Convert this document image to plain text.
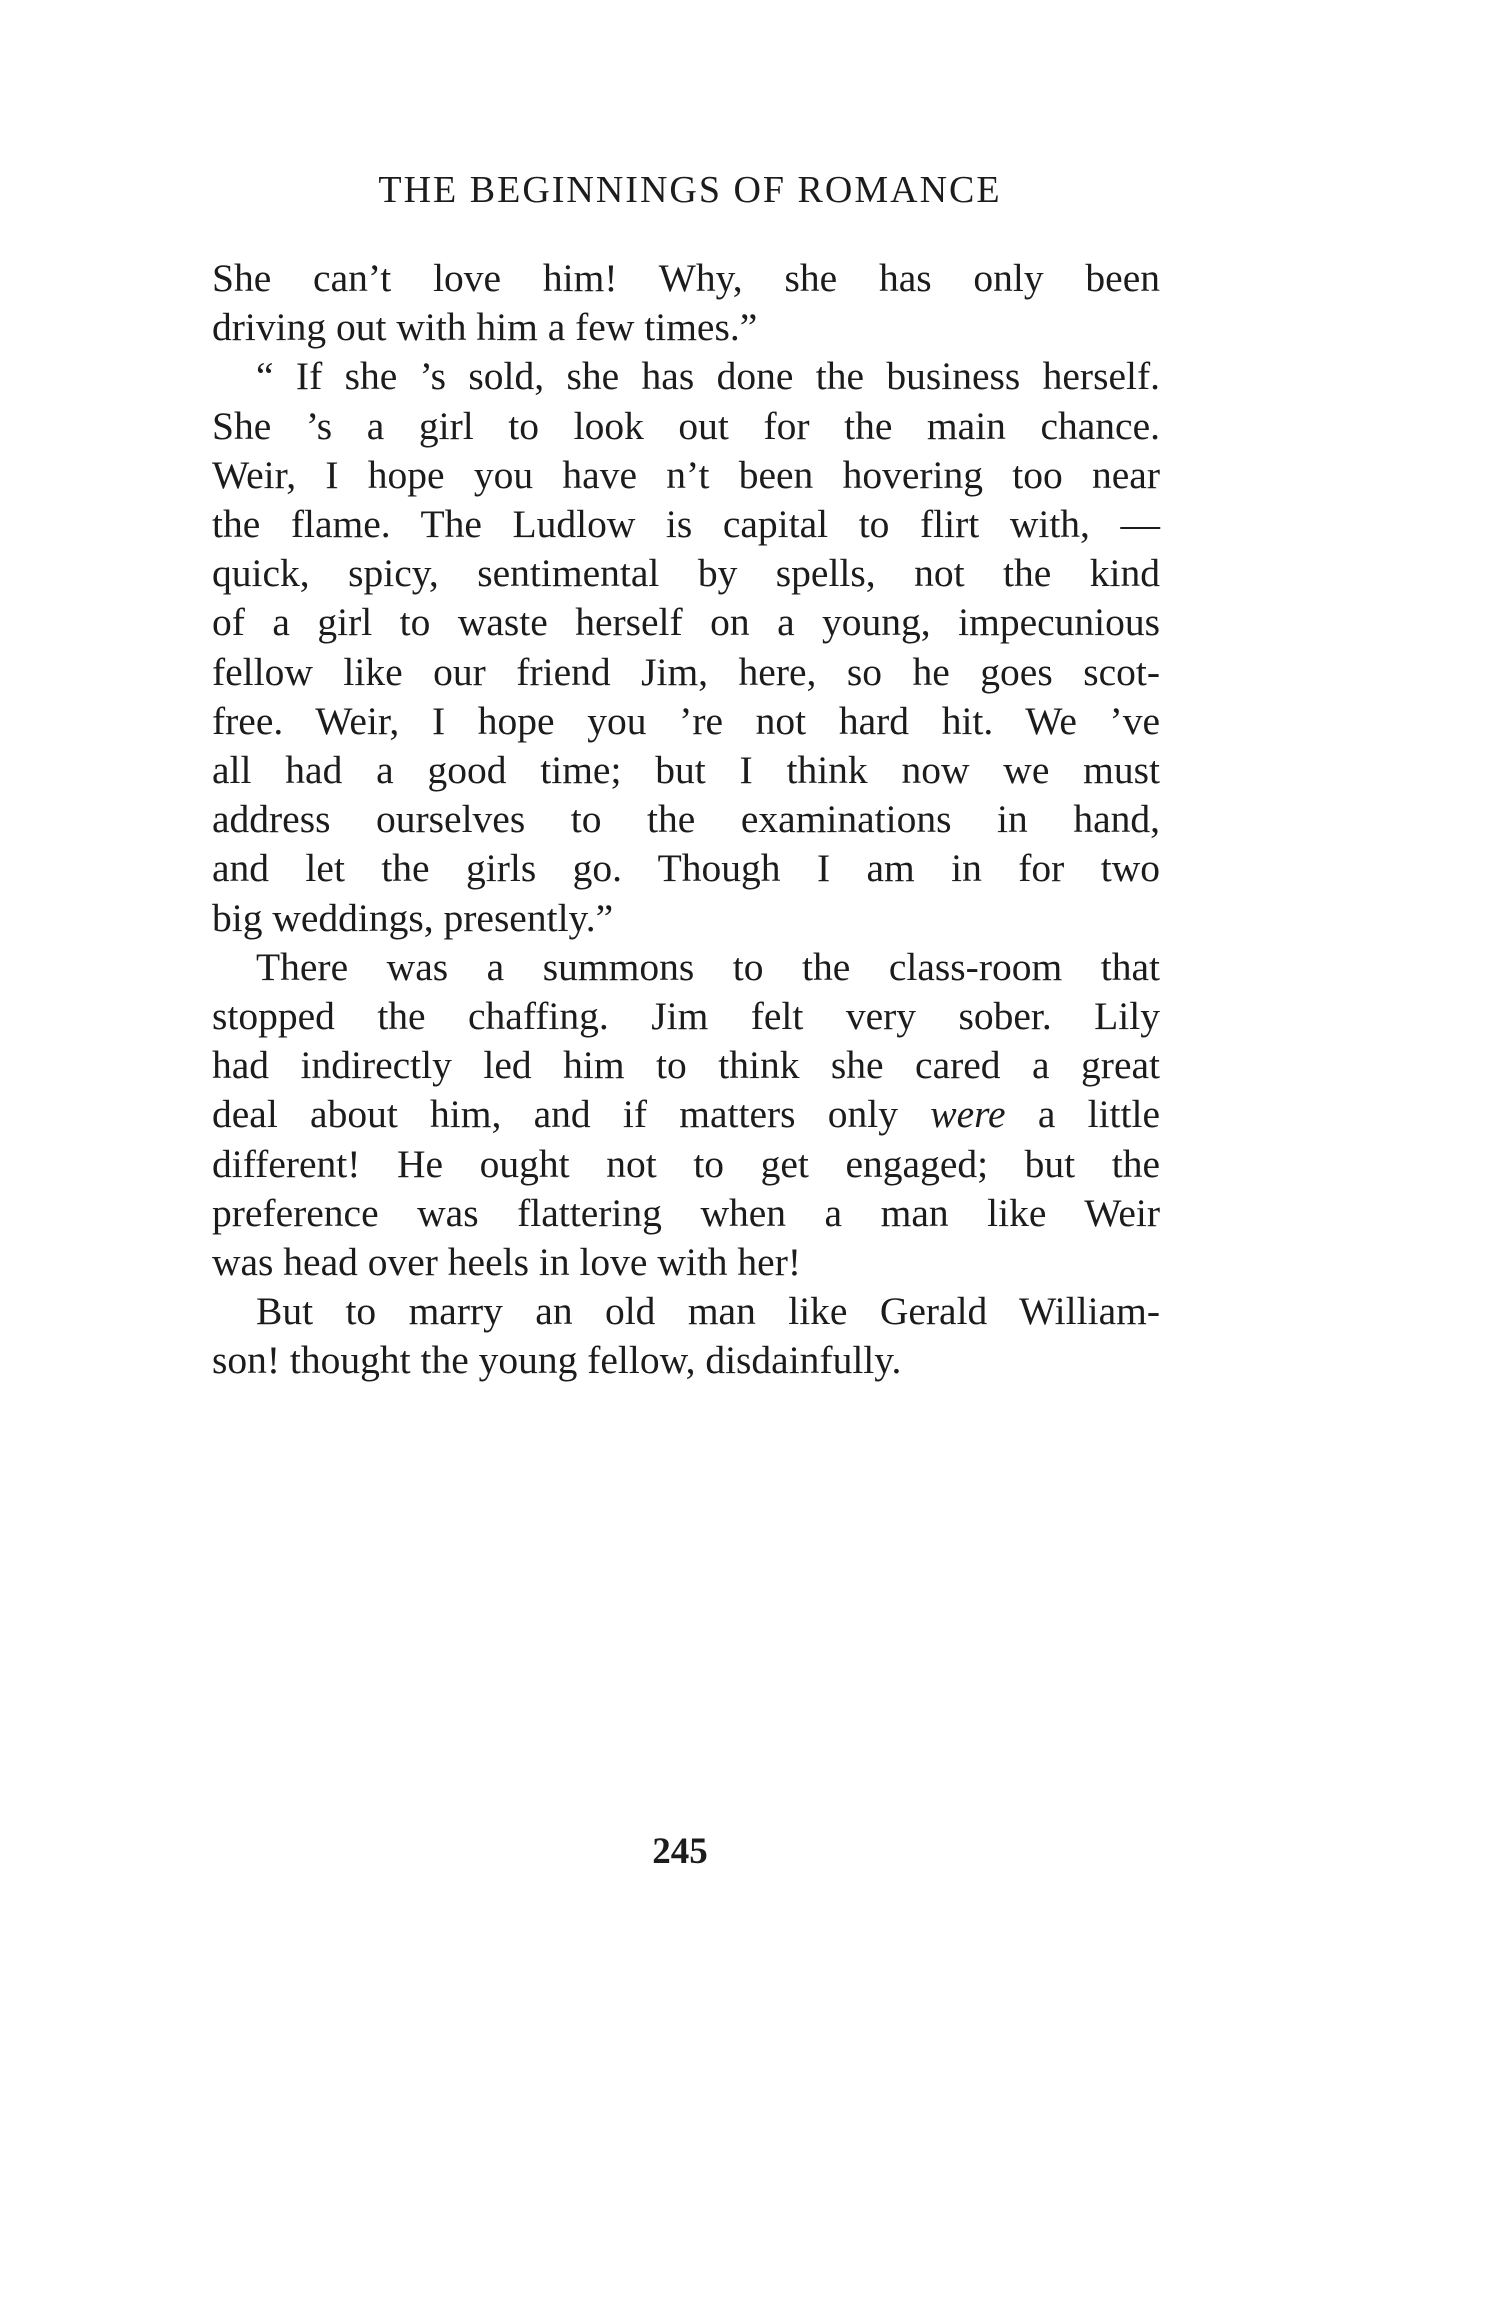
THE BEGINNINGS OF ROMANCE

She can’t love him! Why, she has only been

driving out with him a few times.”

“ If she ’s sold, she has done the business herself.

She ’s a girl to look out for the main chance.

Weir, I hope you have n’t been hovering too near

the flame. The Ludlow is capital to flirt with, —

quick, spicy, sentimental by spells, not the kind

of a girl to waste herself on a young, impecunious

fellow like our friend Jim, here, so he goes scot-

free. Weir, I hope you ’re not hard hit. We ’ve

all had a good time; but I think now we must

address ourselves to the examinations in hand,

and let the girls go. Though I am in for two

big weddings, presently.”

There was a summons to the class-room that

stopped the chaffing. Jim felt very sober. Lily

had indirectly led him to think she cared a great

deal about him, and if matters only were a little

different! He ought not to get engaged; but the

preference was flattering when a man like Weir

was head over heels in love with her!

But to marry an old man like Gerald William-

son! thought the young fellow, disdainfully.

245
